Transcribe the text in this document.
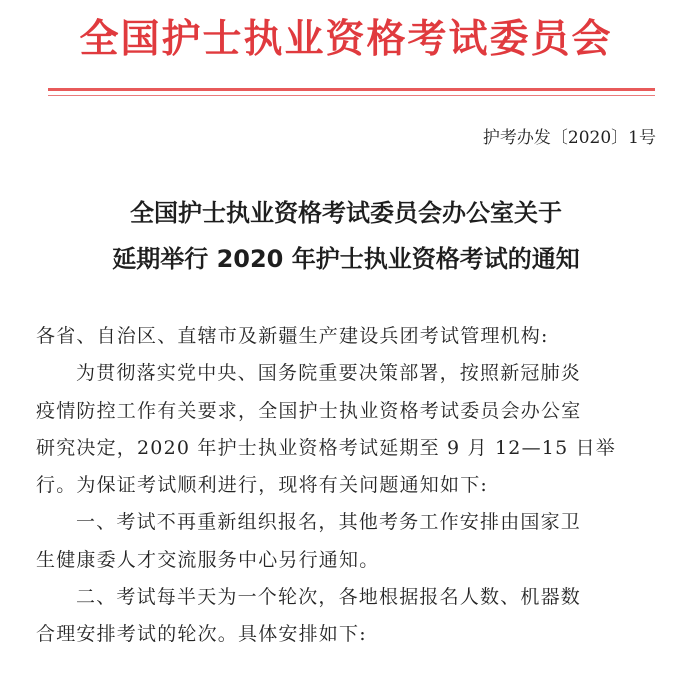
全国护士执业资格考试委员会
护考办发〔2020〕1号
全国护士执业资格考试委员会办公室关于
延期举行 2020 年护士执业资格考试的通知
各省、自治区、直辖市及新疆生产建设兵团考试管理机构:
为贯彻落实党中央、国务院重要决策部署，按照新冠肺炎
疫情防控工作有关要求，全国护士执业资格考试委员会办公室
研究决定，2020 年护士执业资格考试延期至 9 月 12—15 日举
行。为保证考试顺利进行，现将有关问题通知如下:
一、考试不再重新组织报名，其他考务工作安排由国家卫
生健康委人才交流服务中心另行通知。
二、考试每半天为一个轮次，各地根据报名人数、机器数
合理安排考试的轮次。具体安排如下:
